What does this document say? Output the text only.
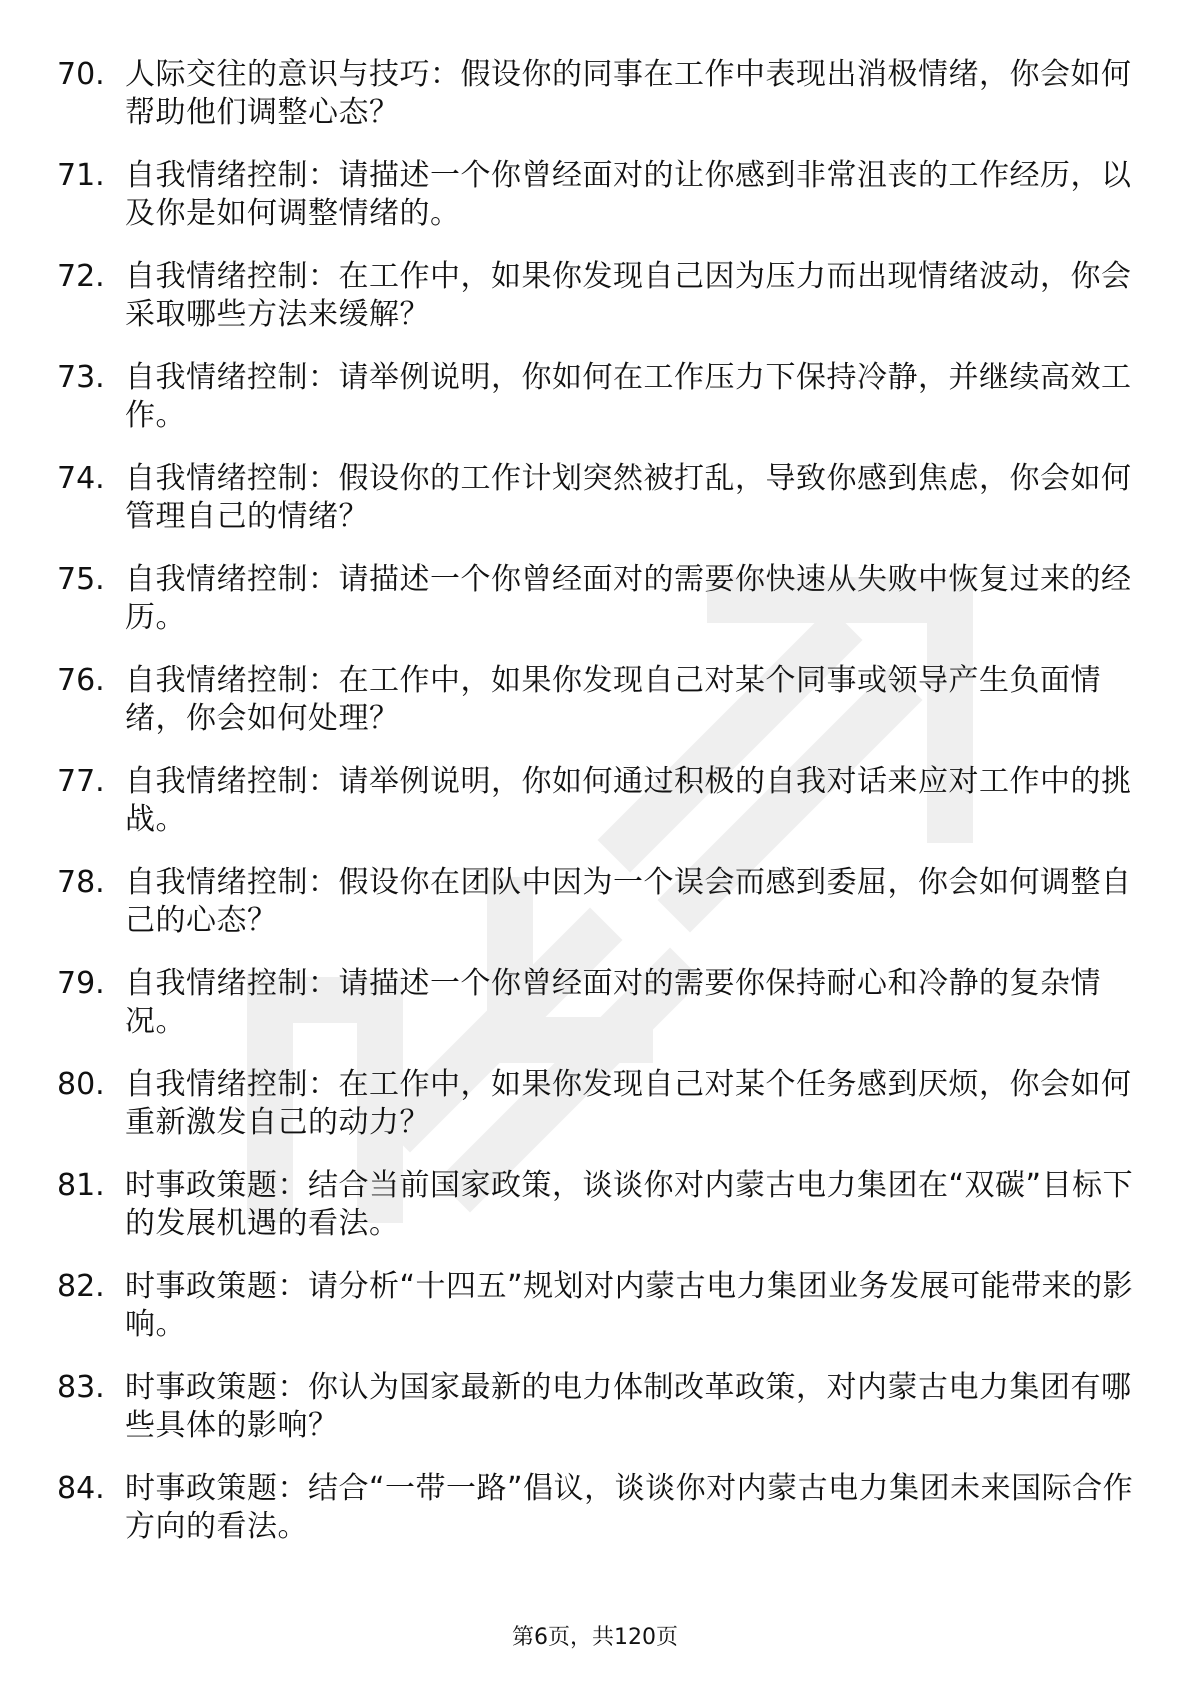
70. 人际交往的意识与技巧：假设你的同事在工作中表现出消极情绪，你会如何帮助他们调整心态？
71. 自我情绪控制：请描述一个你曾经面对的让你感到非常沮丧的工作经历，以及你是如何调整情绪的。
72. 自我情绪控制：在工作中，如果你发现自己因为压力而出现情绪波动，你会采取哪些方法来缓解？
73. 自我情绪控制：请举例说明，你如何在工作压力下保持冷静，并继续高效工作。
74. 自我情绪控制：假设你的工作计划突然被打乱，导致你感到焦虑，你会如何管理自己的情绪？
75. 自我情绪控制：请描述一个你曾经面对的需要你快速从失败中恢复过来的经历。
76. 自我情绪控制：在工作中，如果你发现自己对某个同事或领导产生负面情绪，你会如何处理？
77. 自我情绪控制：请举例说明，你如何通过积极的自我对话来应对工作中的挑战。
78. 自我情绪控制：假设你在团队中因为一个误会而感到委屈，你会如何调整自己的心态？
79. 自我情绪控制：请描述一个你曾经面对的需要你保持耐心和冷静的复杂情况。
80. 自我情绪控制：在工作中，如果你发现自己对某个任务感到厌烦，你会如何重新激发自己的动力？
81. 时事政策题：结合当前国家政策，谈谈你对内蒙古电力集团在“双碳”目标下的发展机遇的看法。
82. 时事政策题：请分析“十四五”规划对内蒙古电力集团业务发展可能带来的影响。
83. 时事政策题：你认为国家最新的电力体制改革政策，对内蒙古电力集团有哪些具体的影响？
84. 时事政策题：结合“一带一路”倡议，谈谈你对内蒙古电力集团未来国际合作方向的看法。
第6页，共120页
